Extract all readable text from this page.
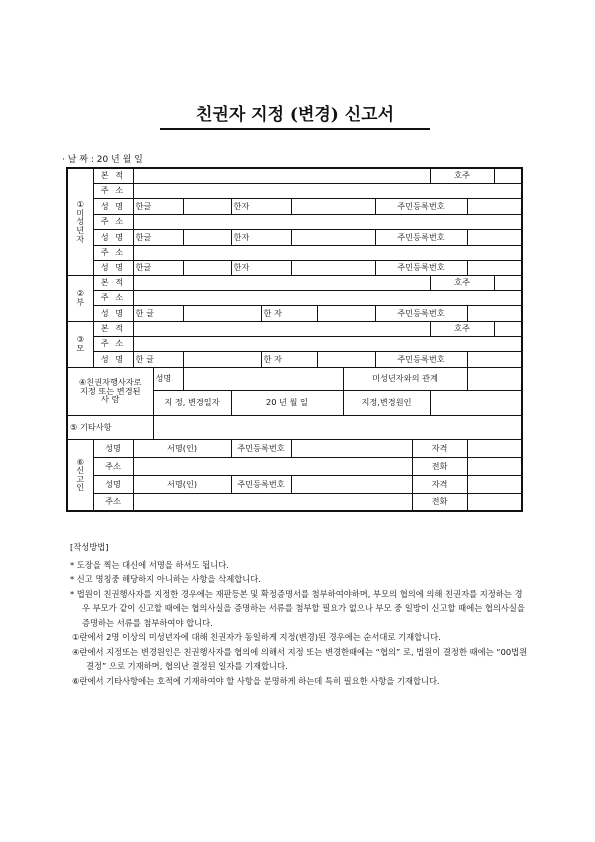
친권자 지정 (변경) 신고서
· 날 짜 : 20 년 월 일
①
미
성
년
자	본 적											호주		
	주 소													
	성 명	한글			한자					주민등록번호				
	주 소													
	성 명	한글			한자					주민등록번호				
	주 소													
	성 명	한글			한자					주민등록번호				
②
부	본 적											호주		
	주 소													
	성 명	한 글				한 자				주민등록번호				
③
모	본 적											호주		
	주 소													
	성 명	한 글				한 자				주민등록번호				

④친권자행사자로
지정 또는 변경된
사 람			성명						미성년자와의 관계					
			지 정, 변경일자		20 년 월 일				지정,변경원인					
⑤ 기타사항														
⑥
신
고
인	성명	서명(인)			주민등록번호						자격			
	주소										전화			
	성명	서명(인)			주민등록번호						자격			
	주소										전화			
[작성방법]
* 도장을 찍는 대신에 서명을 하셔도 됩니다.
* 신고 명칭중 해당하지 아니하는 사항을 삭제합니다.
* 법원이 친권행사자를 지정한 경우에는 재판등본 및 확정증명서를 첨부하여야하며, 부모의 협의에 의해 친권자를 지정하는 경우 부모가 같이 신고할 때에는 협의사실을 증명하는 서류를 첨부할 필요가 없으나 부모 중 일방이 신고할 때에는 협의사실을 증명하는 서류를 첨부하여야 합니다.
①란에서 2명 이상의 미성년자에 대해 친권자가 동일하게 지정(변경)된 경우에는 순서대로 기재합니다.
④란에서 지정또는 변경원인은 친권행사자를 협의에 의해서 지정 또는 변경한때에는 “협의” 로, 법원이 결정한 때에는 “00법원 결정” 으로 기재하며, 협의난 결정된 일자를 기재합니다.
⑥란에서 기타사항에는 호적에 기재하여야 할 사항을 분명하게 하는데 특히 필요한 사항을 기재합니다.
